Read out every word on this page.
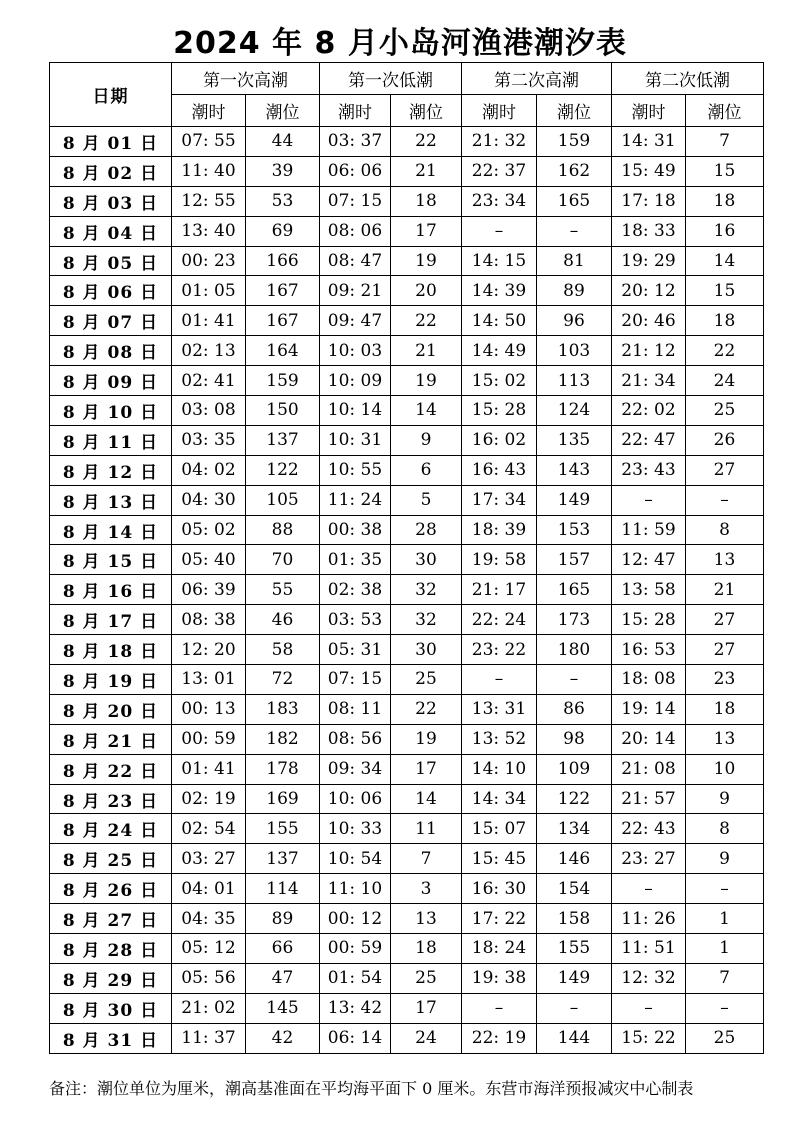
2024 年 8 月小岛河渔港潮汐表
日期	第一次高潮		第一次低潮		第二次高潮		第二次低潮	
	潮时	潮位	潮时	潮位	潮时	潮位	潮时	潮位
8 月 01 日	07: 55	44	03: 37	22	21: 32	159	14: 31	7
8 月 02 日	11: 40	39	06: 06	21	22: 37	162	15: 49	15
8 月 03 日	12: 55	53	07: 15	18	23: 34	165	17: 18	18
8 月 04 日	13: 40	69	08: 06	17	–	–	18: 33	16
8 月 05 日	00: 23	166	08: 47	19	14: 15	81	19: 29	14
8 月 06 日	01: 05	167	09: 21	20	14: 39	89	20: 12	15
8 月 07 日	01: 41	167	09: 47	22	14: 50	96	20: 46	18
8 月 08 日	02: 13	164	10: 03	21	14: 49	103	21: 12	22
8 月 09 日	02: 41	159	10: 09	19	15: 02	113	21: 34	24
8 月 10 日	03: 08	150	10: 14	14	15: 28	124	22: 02	25
8 月 11 日	03: 35	137	10: 31	9	16: 02	135	22: 47	26
8 月 12 日	04: 02	122	10: 55	6	16: 43	143	23: 43	27
8 月 13 日	04: 30	105	11: 24	5	17: 34	149	–	–
8 月 14 日	05: 02	88	00: 38	28	18: 39	153	11: 59	8
8 月 15 日	05: 40	70	01: 35	30	19: 58	157	12: 47	13
8 月 16 日	06: 39	55	02: 38	32	21: 17	165	13: 58	21
8 月 17 日	08: 38	46	03: 53	32	22: 24	173	15: 28	27
8 月 18 日	12: 20	58	05: 31	30	23: 22	180	16: 53	27
8 月 19 日	13: 01	72	07: 15	25	–	–	18: 08	23
8 月 20 日	00: 13	183	08: 11	22	13: 31	86	19: 14	18
8 月 21 日	00: 59	182	08: 56	19	13: 52	98	20: 14	13
8 月 22 日	01: 41	178	09: 34	17	14: 10	109	21: 08	10
8 月 23 日	02: 19	169	10: 06	14	14: 34	122	21: 57	9
8 月 24 日	02: 54	155	10: 33	11	15: 07	134	22: 43	8
8 月 25 日	03: 27	137	10: 54	7	15: 45	146	23: 27	9
8 月 26 日	04: 01	114	11: 10	3	16: 30	154	–	–
8 月 27 日	04: 35	89	00: 12	13	17: 22	158	11: 26	1
8 月 28 日	05: 12	66	00: 59	18	18: 24	155	11: 51	1
8 月 29 日	05: 56	47	01: 54	25	19: 38	149	12: 32	7
8 月 30 日	21: 02	145	13: 42	17	–	–	–	–
8 月 31 日	11: 37	42	06: 14	24	22: 19	144	15: 22	25
备注：潮位单位为厘米，潮高基准面在平均海平面下 0 厘米。东营市海洋预报减灾中心制表
